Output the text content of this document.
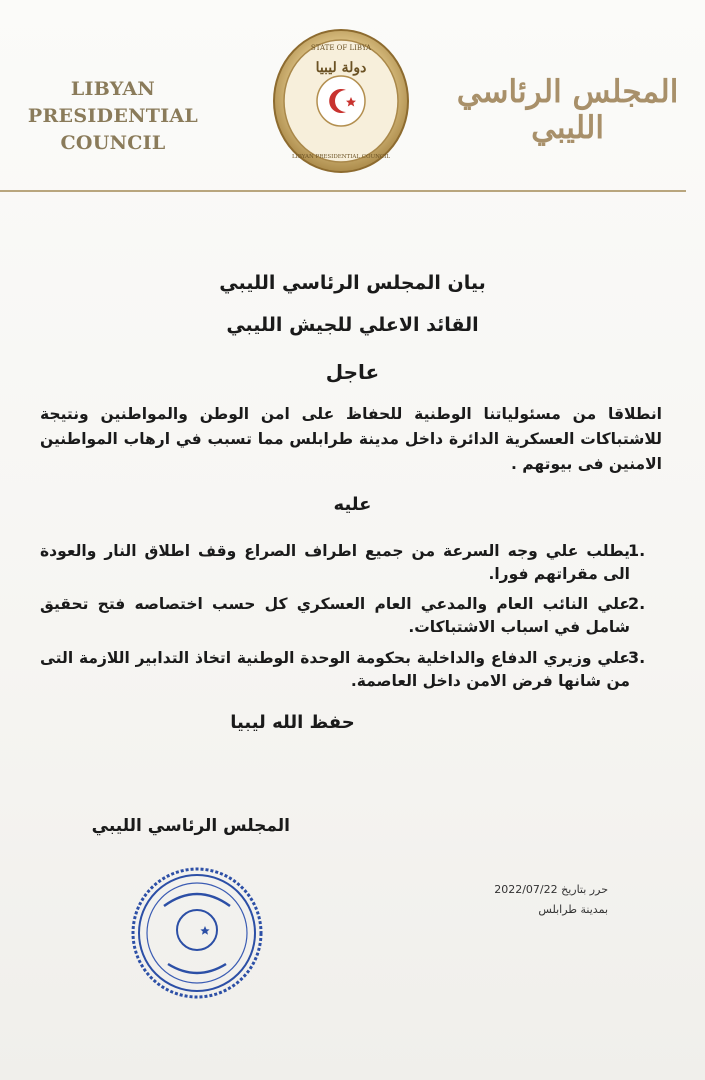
LIBYAN PRESIDENTIAL
COUNCIL
STATE OF LIBYA
دولة ليبيا
LIBYAN PRESIDENTIAL COUNCIL
المجلس الرئاسي الليبي
بيان المجلس الرئاسي الليبي
القائد الاعلي للجيش الليبي
عاجل
انطلاقا من مسئولياتنا الوطنية للحفاظ على امن الوطن والمواطنين ونتيجة للاشتباكات العسكرية الدائرة داخل مدينة طرابلس مما تسبب في ارهاب المواطنين الامنين فى بيوتهم .
عليه
1.
يطلب علي وجه السرعة من جميع اطراف الصراع وقف اطلاق النار والعودة الى مقراتهم فورا.
2.
علي النائب العام والمدعي العام العسكري كل حسب اختصاصه فتح تحقيق شامل في اسباب الاشتباكات.
3.
علي وزيري الدفاع والداخلية بحكومة الوحدة الوطنية اتخاذ التدابير اللازمة التى من شانها فرض الامن داخل العاصمة.
حفظ الله ليبيا
المجلس الرئاسي الليبي
حرر بتاريخ 2022/07/22
بمدينة طرابلس
